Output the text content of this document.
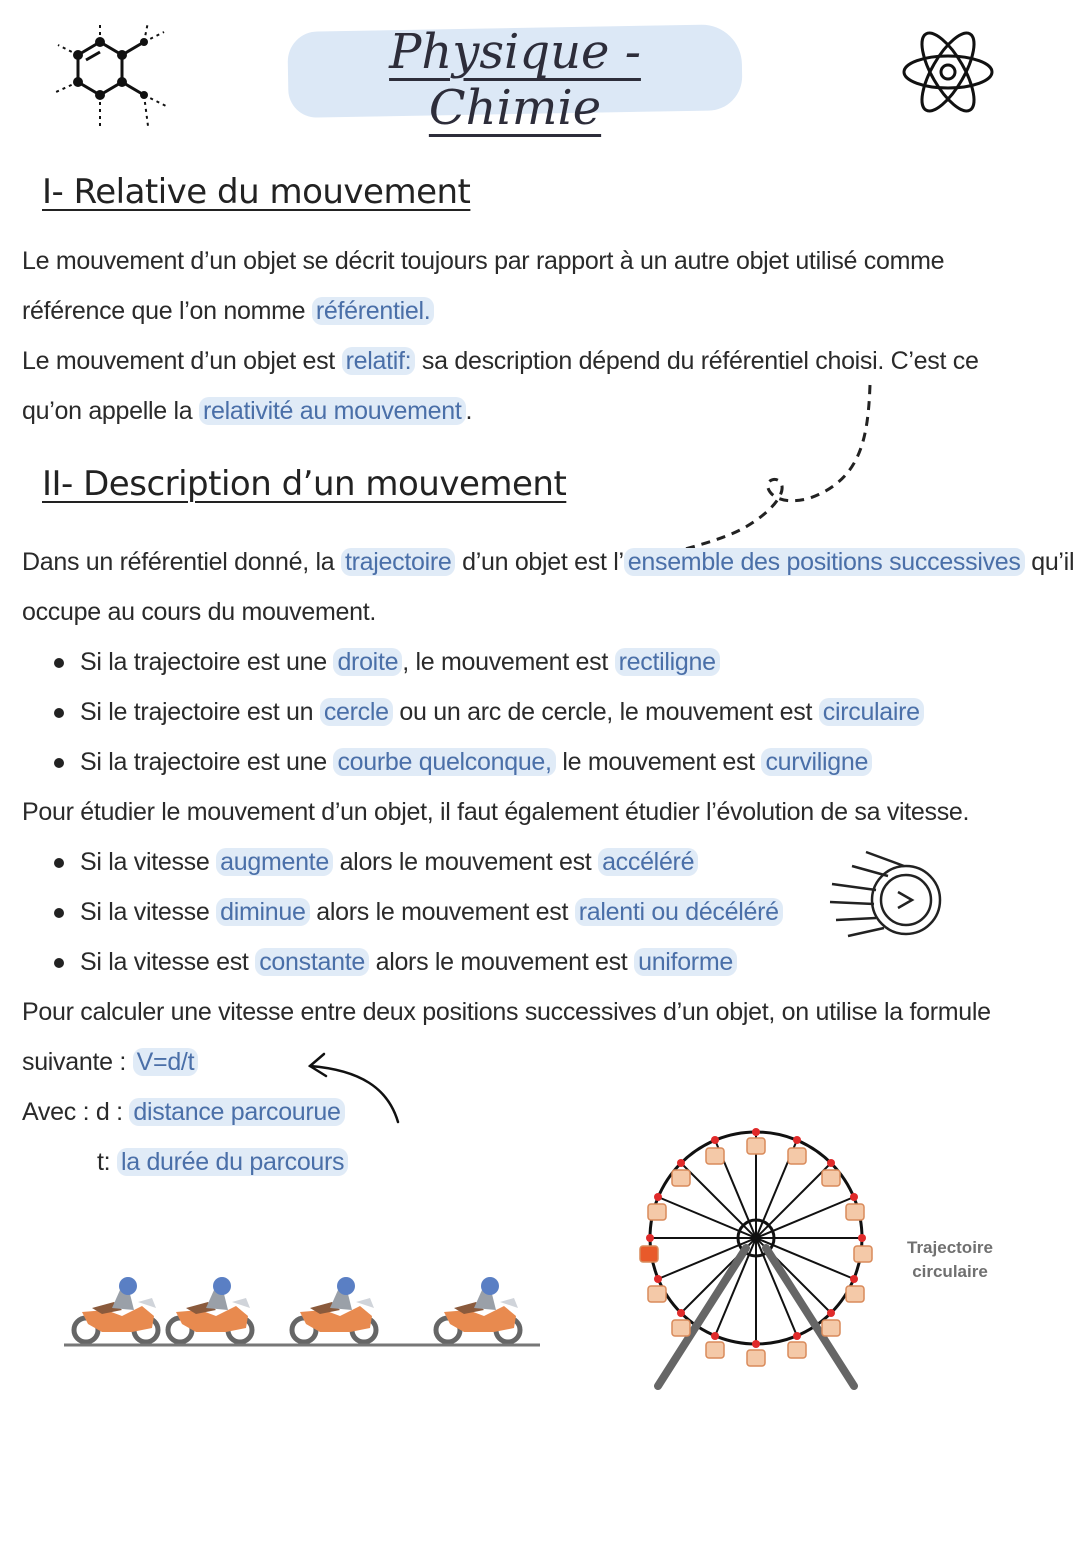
Physique - Chimie
I- Relative du mouvement
Le mouvement d’un objet se décrit toujours par rapport à un autre objet utilisé comme
référence que l’on nomme référentiel.
Le mouvement d’un objet est relatif: sa description dépend du référentiel choisi. C’est ce
qu’on appelle la relativité au mouvement .
II- Description d’un mouvement
Dans un référentiel donné, la trajectoire d’un objet est l’ ensemble des positions successives qu’il
occupe au cours du mouvement.
Si la trajectoire est une droite , le mouvement est rectiligne
Si le trajectoire est un cercle ou un arc de cercle, le mouvement est circulaire
Si la trajectoire est une courbe quelconque, le mouvement est curviligne
Pour étudier le mouvement d’un objet, il faut également étudier l’évolution de sa vitesse.
Si la vitesse augmente alors le mouvement est accéléré
Si la vitesse diminue alors le mouvement est ralenti ou décéléré
Si la vitesse est constante alors le mouvement est uniforme
Pour calculer une vitesse entre deux positions successives d’un objet, on utilise la formule
suivante : V=d/t
Avec : d : distance parcourue
t: la durée du parcours
Trajectoire
circulaire
